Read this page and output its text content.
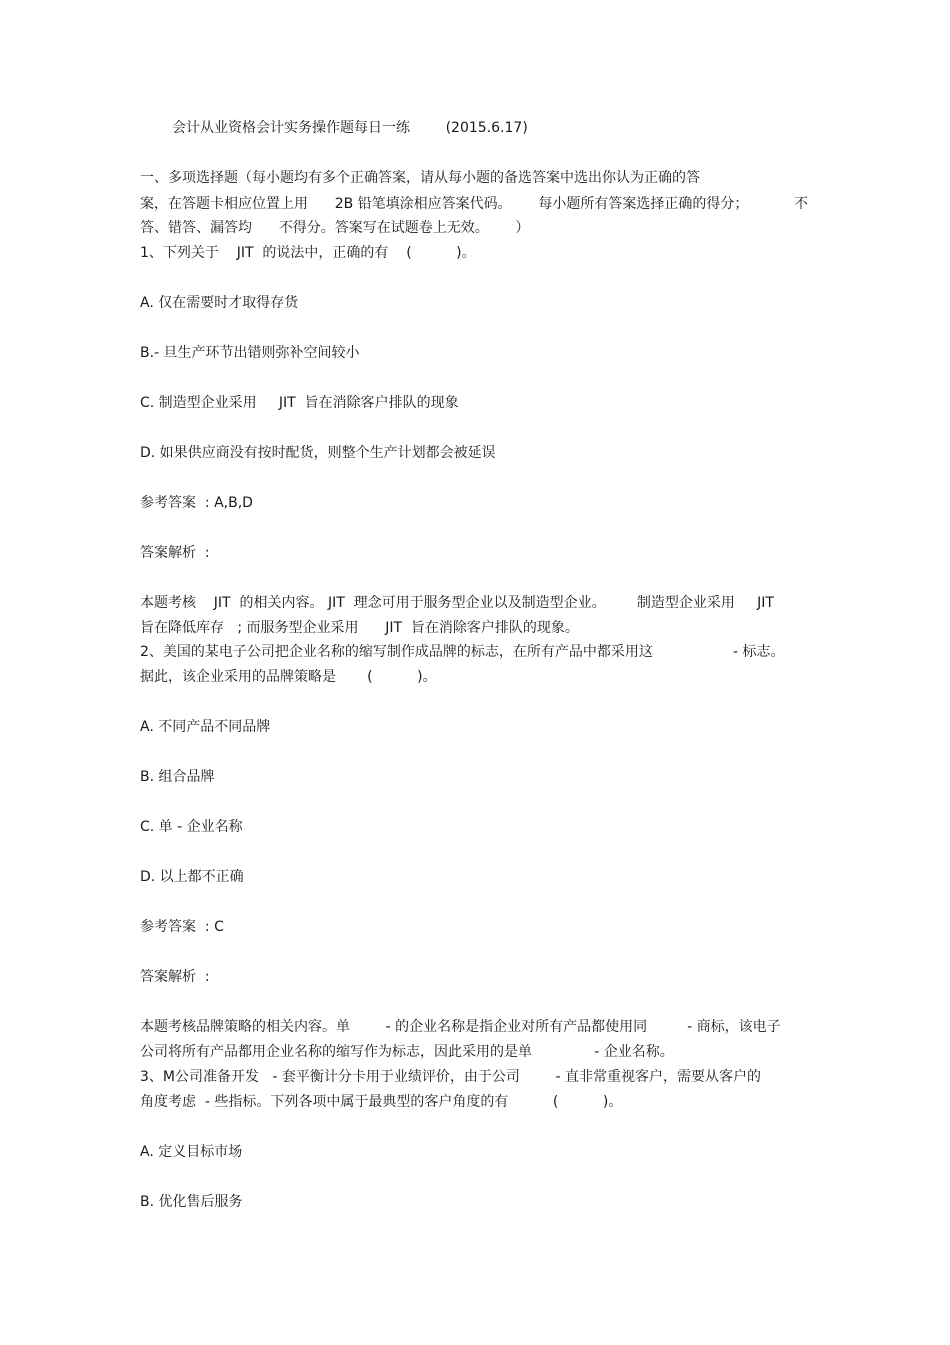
会计从业资格会计实务操作题每日一练        (2015.6.17)
一、多项选择题（每小题均有多个正确答案，请从每小题的备选答案中选出你认为正确的答
案，在答题卡相应位置上用      2B 铅笔填涂相应答案代码。      每小题所有答案选择正确的得分；	不
答、错答、漏答均      不得分。答案写在试题卷上无效。      ）
1、下列关于    JIT  的说法中，正确的有    (          )。
A. 仅在需要时才取得存货
B.- 旦生产环节出错则弥补空间较小
C. 制造型企业采用     JIT  旨在消除客户排队的现象
D. 如果供应商没有按时配货，则整个生产计划都会被延误
参考答案  : A,B,D
答案解析  :
本题考核    JIT  的相关内容。 JIT  理念可用于服务型企业以及制造型企业。       制造型企业采用     JIT
旨在降低库存   ; 而服务型企业采用      JIT  旨在消除客户排队的现象。
2、美国的某电子公司把企业名称的缩写制作成品牌的标志，在所有产品中都采用这                  - 标志。
据此，该企业采用的品牌策略是       (          )。
A. 不同产品不同品牌
B. 组合品牌
C. 单 - 企业名称
D. 以上都不正确
参考答案  : C
答案解析  :
本题考核品牌策略的相关内容。单        - 的企业名称是指企业对所有产品都使用同         - 商标，该电子
公司将所有产品都用企业名称的缩写作为标志，因此采用的是单              - 企业名称。
3、M公司准备开发   - 套平衡计分卡用于业绩评价，由于公司        - 直非常重视客户，需要从客户的
角度考虑  - 些指标。下列各项中属于最典型的客户角度的有          (          )。
A. 定义目标市场
B. 优化售后服务
